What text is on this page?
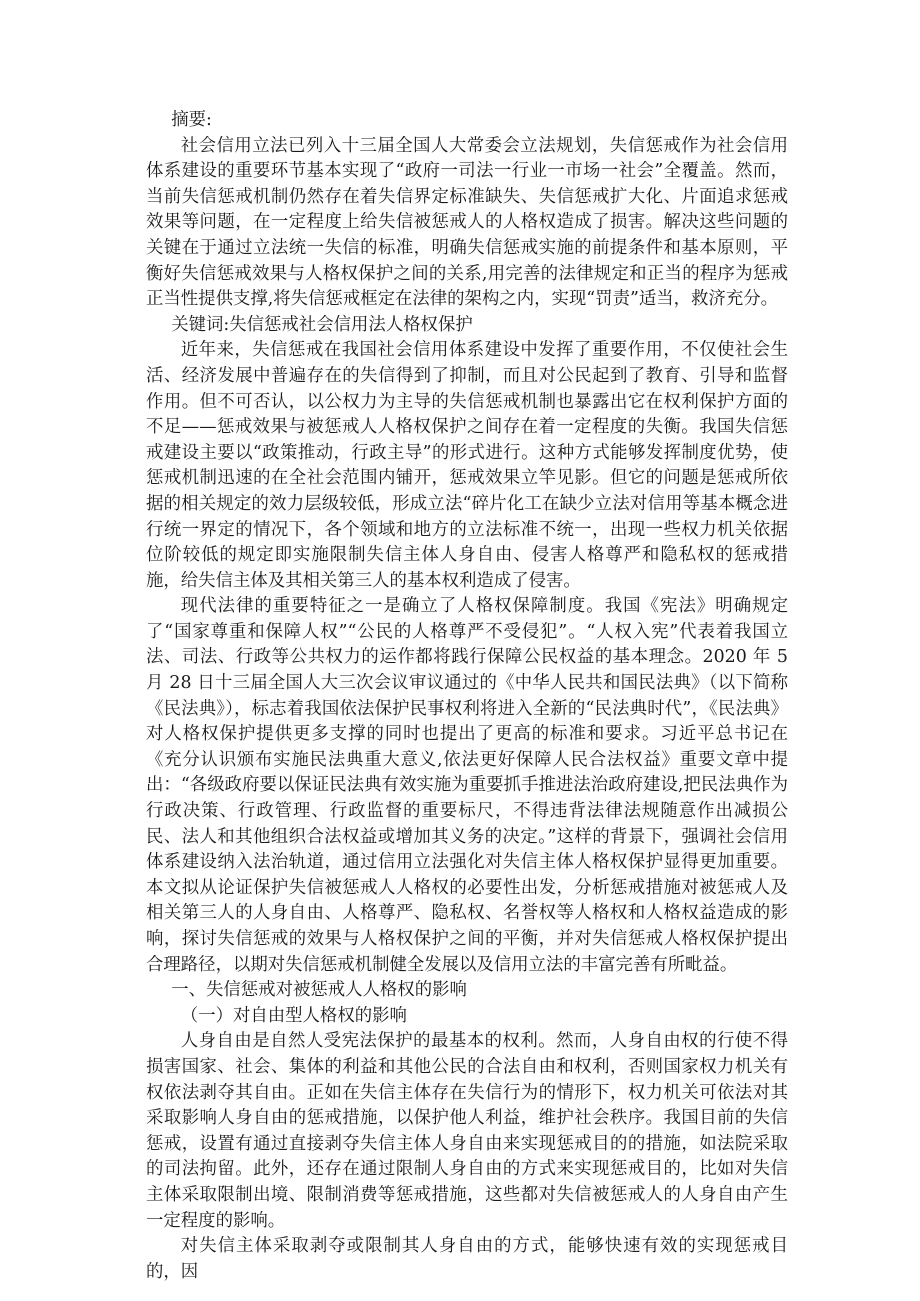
摘要:

社会信用立法已列入十三届全国人大常委会立法规划，失信惩戒作为社会信用体系建设的重要环节基本实现了“政府一司法一行业一市场一社会”全覆盖。然而，当前失信惩戒机制仍然存在着失信界定标准缺失、失信惩戒扩大化、片面追求惩戒效果等问题，在一定程度上给失信被惩戒人的人格权造成了损害。解决这些问题的关键在于通过立法统一失信的标准，明确失信惩戒实施的前提条件和基本原则，平衡好失信惩戒效果与人格权保护之间的关系,用完善的法律规定和正当的程序为惩戒正当性提供支撑,将失信惩戒框定在法律的架构之内，实现“罚责”适当，救济充分。

关键词:失信惩戒社会信用法人格权保护

近年来，失信惩戒在我国社会信用体系建设中发挥了重要作用，不仅使社会生活、经济发展中普遍存在的失信得到了抑制，而且对公民起到了教育、引导和监督作用。但不可否认，以公权力为主导的失信惩戒机制也暴露出它在权利保护方面的不足——惩戒效果与被惩戒人人格权保护之间存在着一定程度的失衡。我国失信惩戒建设主要以“政策推动，行政主导”的形式进行。这种方式能够发挥制度优势，使惩戒机制迅速的在全社会范围内铺开，惩戒效果立竿见影。但它的问题是惩戒所依据的相关规定的效力层级较低，形成立法“碎片化工在缺少立法对信用等基本概念进行统一界定的情况下，各个领域和地方的立法标准不统一，出现一些权力机关依据位阶较低的规定即实施限制失信主体人身自由、侵害人格尊严和隐私权的惩戒措施，给失信主体及其相关第三人的基本权利造成了侵害。

现代法律的重要特征之一是确立了人格权保障制度。我国《宪法》明确规定了“国家尊重和保障人权”“公民的人格尊严不受侵犯”。“人权入宪”代表着我国立法、司法、行政等公共权力的运作都将践行保障公民权益的基本理念。2020 年 5 月 28 日十三届全国人大三次会议审议通过的《中华人民共和国民法典》（以下简称《民法典》），标志着我国依法保护民事权利将进入全新的“民法典时代”，《民法典》对人格权保护提供更多支撑的同时也提出了更高的标准和要求。习近平总书记在《充分认识颁布实施民法典重大意义,依法更好保障人民合法权益》重要文章中提出：“各级政府要以保证民法典有效实施为重要抓手推进法治政府建设,把民法典作为行政决策、行政管理、行政监督的重要标尺，不得违背法律法规随意作出减损公民、法人和其他组织合法权益或增加其义务的决定。”这样的背景下，强调社会信用体系建设纳入法治轨道，通过信用立法强化对失信主体人格权保护显得更加重要。本文拟从论证保护失信被惩戒人人格权的必要性出发，分析惩戒措施对被惩戒人及相关第三人的人身自由、人格尊严、隐私权、名誉权等人格权和人格权益造成的影响，探讨失信惩戒的效果与人格权保护之间的平衡，并对失信惩戒人格权保护提出合理路径，以期对失信惩戒机制健全发展以及信用立法的丰富完善有所毗益。

一、失信惩戒对被惩戒人人格权的影响

（一）对自由型人格权的影响

人身自由是自然人受宪法保护的最基本的权利。然而，人身自由权的行使不得损害国家、社会、集体的利益和其他公民的合法自由和权利，否则国家权力机关有权依法剥夺其自由。正如在失信主体存在失信行为的情形下，权力机关可依法对其采取影响人身自由的惩戒措施，以保护他人利益，维护社会秩序。我国目前的失信惩戒，设置有通过直接剥夺失信主体人身自由来实现惩戒目的的措施，如法院采取的司法拘留。此外，还存在通过限制人身自由的方式来实现惩戒目的，比如对失信主体采取限制出境、限制消费等惩戒措施，这些都对失信被惩戒人的人身自由产生一定程度的影响。

对失信主体采取剥夺或限制其人身自由的方式，能够快速有效的实现惩戒目的，因
